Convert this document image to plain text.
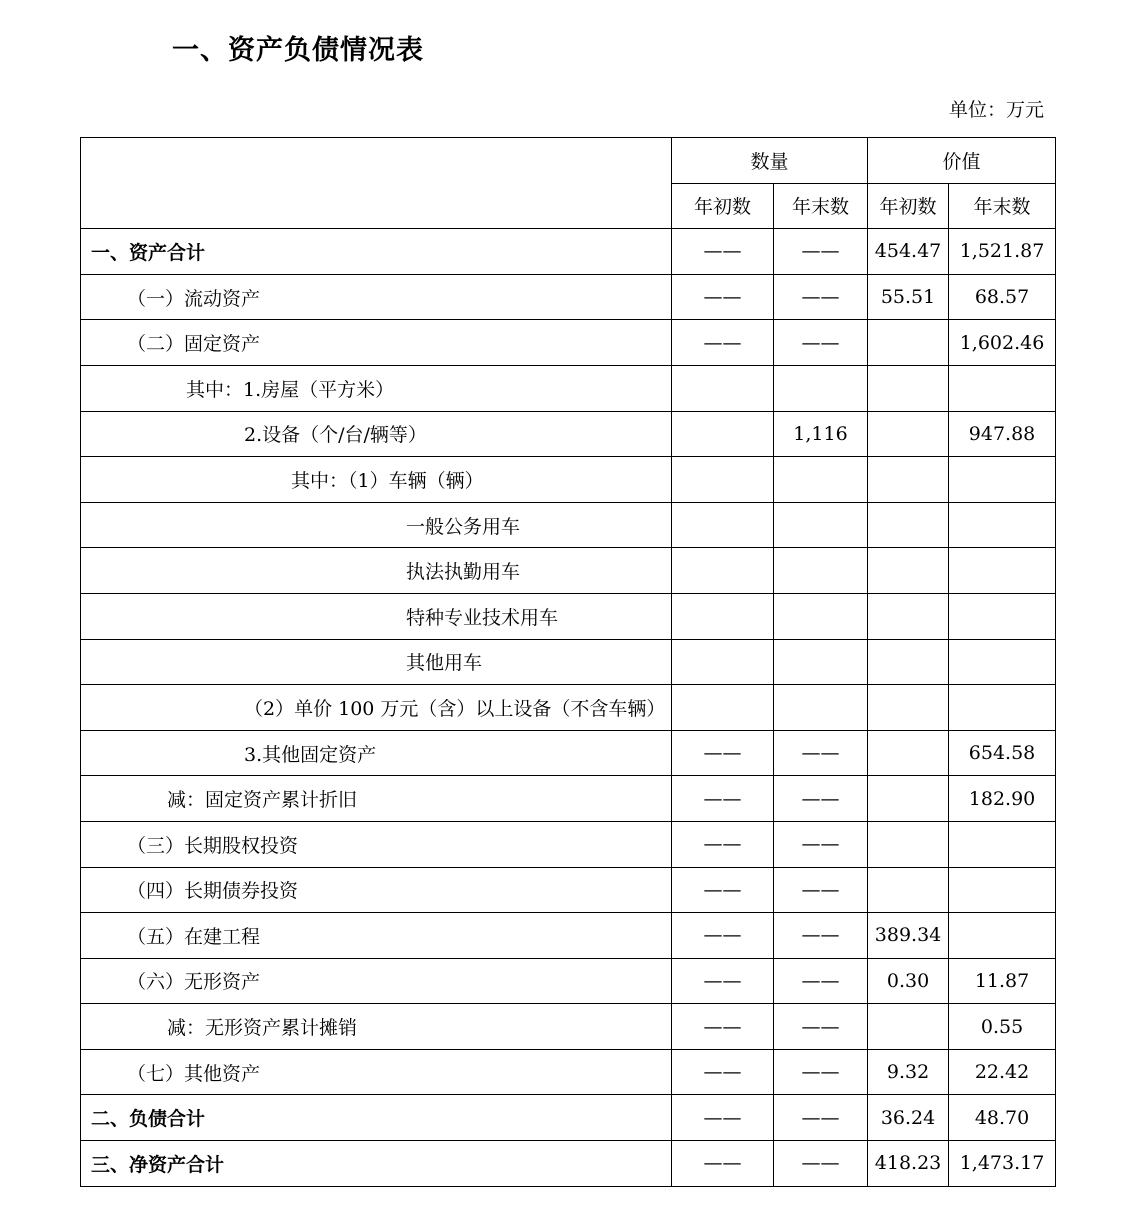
一、资产负债情况表
单位：万元
	数量		价值	
	年初数	年末数	年初数	年末数
一、资产合计	——	——	454.47	1,521.87
（一）流动资产	——	——	55.51	68.57
（二）固定资产	——	——		1,602.46
其中：1.房屋（平方米）				
2.设备（个/台/辆等）		1,116		947.88
其中：（1）车辆（辆）				
一般公务用车				
执法执勤用车				
特种专业技术用车				
其他用车				
（2）单价 100 万元（含）以上设备（不含车辆）				
3.其他固定资产	——	——		654.58
减：固定资产累计折旧	——	——		182.90
（三）长期股权投资	——	——		
（四）长期债券投资	——	——		
（五）在建工程	——	——	389.34	
（六）无形资产	——	——	0.30	11.87
减：无形资产累计摊销	——	——		0.55
（七）其他资产	——	——	9.32	22.42
二、负债合计	——	——	36.24	48.70
三、净资产合计	——	——	418.23	1,473.17
